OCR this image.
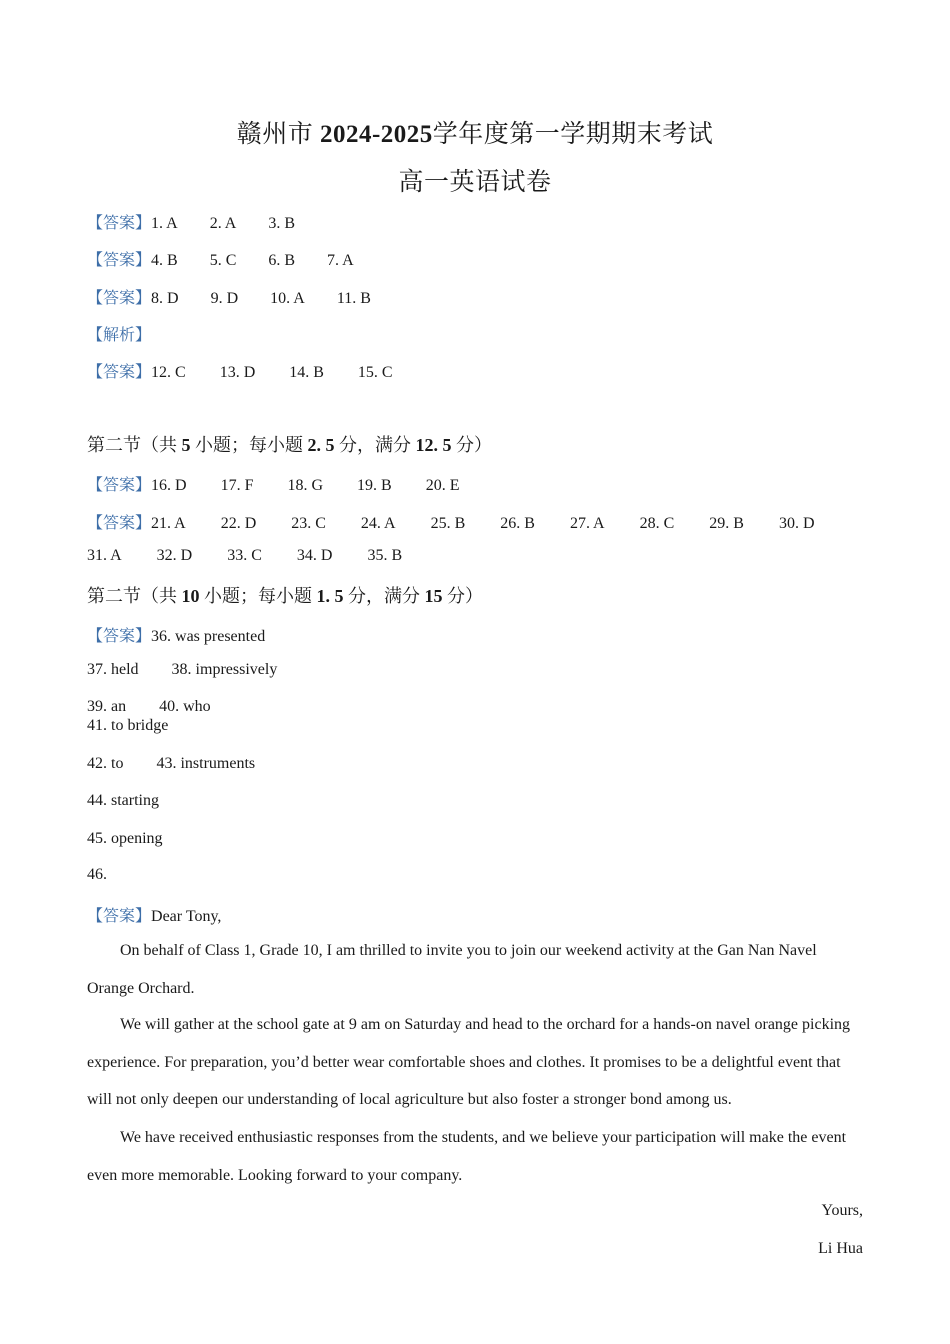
赣州市 2024-2025学年度第一学期期末考试
高一英语试卷
【答案】1. A 2. A 3. B
【答案】4. B 5. C 6. B 7. A
【答案】8. D 9. D 10. A 11. B
【解析】
【答案】12. C 13. D 14. B 15. C
第二节（共 5 小题；每小题 2. 5 分，满分 12. 5 分）
【答案】16. D 17. F 18. G 19. B 20. E
【答案】21. A 22. D 23. C 24. A 25. B 26. B 27. A 28. C 29. B 30. D
31. A 32. D 33. C 34. D 35. B
第二节（共 10 小题；每小题 1. 5 分，满分 15 分）
【答案】36. was presented
37. held 38. impressively
39. an 40. who
41. to bridge
42. to 43. instruments
44. starting
45. opening
46.
【答案】Dear Tony,
On behalf of Class 1, Grade 10, I am thrilled to invite you to join our weekend activity at the Gan Nan Navel Orange Orchard.
We will gather at the school gate at 9 am on Saturday and head to the orchard for a hands-on navel orange picking experience. For preparation, you’d better wear comfortable shoes and clothes. It promises to be a delightful event that will not only deepen our understanding of local agriculture but also foster a stronger bond among us.
We have received enthusiastic responses from the students, and we believe your participation will make the event even more memorable. Looking forward to your company.
Yours,
Li Hua
